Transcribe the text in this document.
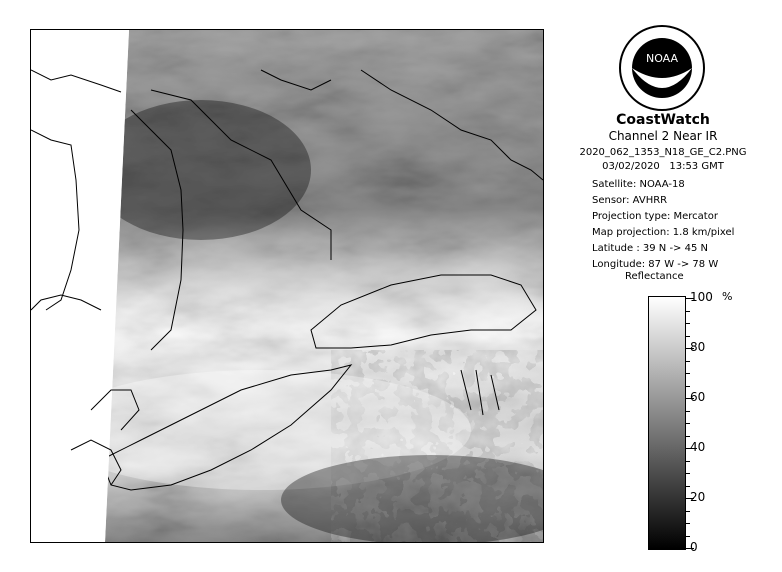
NOAA
CoastWatch
Channel 2 Near IR
2020_062_1353_N18_GE_C2.PNG
03/02/2020 13:53 GMT
Satellite: NOAA-18
Sensor: AVHRR
Projection type: Mercator
Map projection: 1.8 km/pixel
Latitude : 39 N -> 45 N
Longitude: 87 W -> 78 W
Reflectance
%
100
80
60
40
20
0
